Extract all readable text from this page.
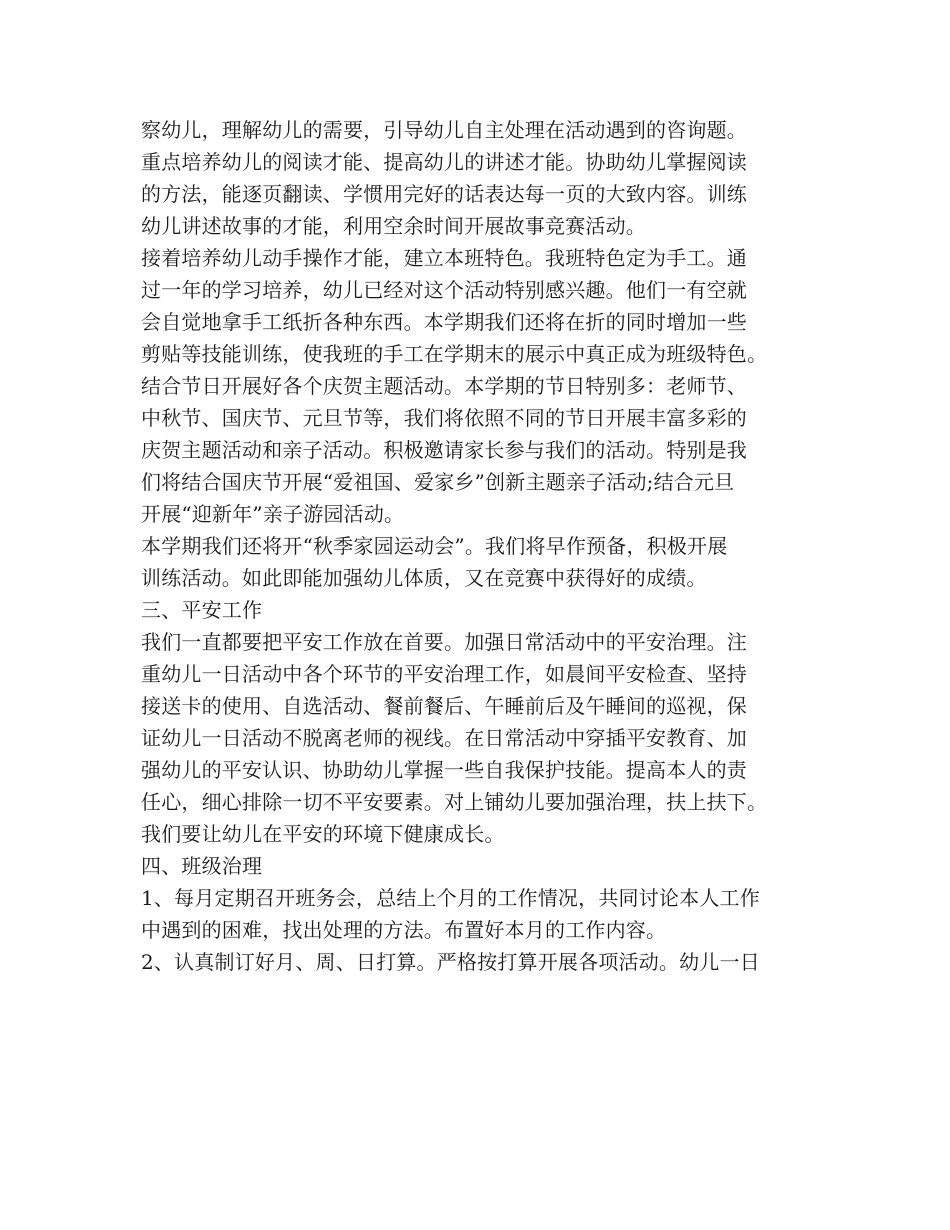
察幼儿，理解幼儿的需要，引导幼儿自主处理在活动遇到的咨询题。
重点培养幼儿的阅读才能、提高幼儿的讲述才能。协助幼儿掌握阅读
的方法，能逐页翻读、学惯用完好的话表达每一页的大致内容。训练
幼儿讲述故事的才能，利用空余时间开展故事竞赛活动。
接着培养幼儿动手操作才能，建立本班特色。我班特色定为手工。通
过一年的学习培养，幼儿已经对这个活动特别感兴趣。他们一有空就
会自觉地拿手工纸折各种东西。本学期我们还将在折的同时增加一些
剪贴等技能训练，使我班的手工在学期末的展示中真正成为班级特色。
结合节日开展好各个庆贺主题活动。本学期的节日特别多：老师节、
中秋节、国庆节、元旦节等，我们将依照不同的节日开展丰富多彩的
庆贺主题活动和亲子活动。积极邀请家长参与我们的活动。特别是我
们将结合国庆节开展“爱祖国、爱家乡”创新主题亲子活动;结合元旦
开展“迎新年”亲子游园活动。
本学期我们还将开“秋季家园运动会”。我们将早作预备，积极开展
训练活动。如此即能加强幼儿体质，又在竞赛中获得好的成绩。
三、平安工作
我们一直都要把平安工作放在首要。加强日常活动中的平安治理。注
重幼儿一日活动中各个环节的平安治理工作，如晨间平安检查、坚持
接送卡的使用、自选活动、餐前餐后、午睡前后及午睡间的巡视，保
证幼儿一日活动不脱离老师的视线。在日常活动中穿插平安教育、加
强幼儿的平安认识、协助幼儿掌握一些自我保护技能。提高本人的责
任心，细心排除一切不平安要素。对上铺幼儿要加强治理，扶上扶下。
我们要让幼儿在平安的环境下健康成长。
四、班级治理
1、每月定期召开班务会，总结上个月的工作情况，共同讨论本人工作
中遇到的困难，找出处理的方法。布置好本月的工作内容。
2、认真制订好月、周、日打算。严格按打算开展各项活动。幼儿一日
